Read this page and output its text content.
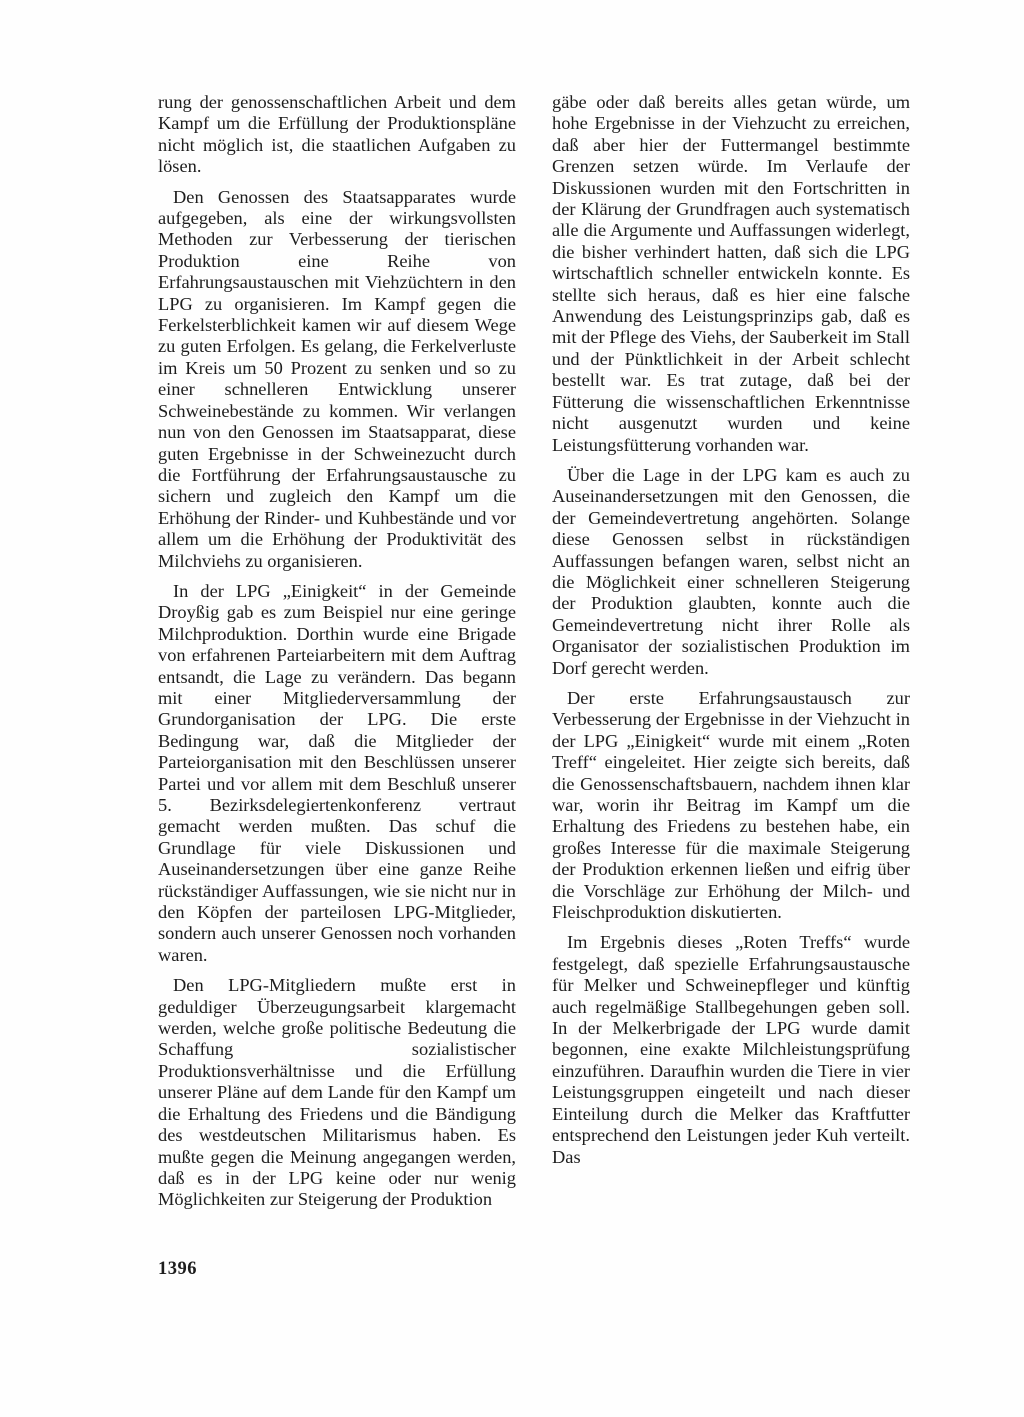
rung der genossenschaftlichen Arbeit und dem Kampf um die Erfüllung der Produktionspläne nicht möglich ist, die staatlichen Aufgaben zu lösen.

Den Genossen des Staatsapparates wurde aufgegeben, als eine der wirkungsvollsten Methoden zur Verbesserung der tierischen Produktion eine Reihe von Erfahrungsaustauschen mit Viehzüchtern in den LPG zu organisieren. Im Kampf gegen die Ferkelsterblichkeit kamen wir auf diesem Wege zu guten Erfolgen. Es gelang, die Ferkelverluste im Kreis um 50 Prozent zu senken und so zu einer schnelleren Entwicklung unserer Schweinebestände zu kommen. Wir verlangen nun von den Genossen im Staatsapparat, diese guten Ergebnisse in der Schweinezucht durch die Fortführung der Erfahrungsaustausche zu sichern und zugleich den Kampf um die Erhöhung der Rinder- und Kuhbestände und vor allem um die Erhöhung der Produktivität des Milchviehs zu organisieren.

In der LPG „Einigkeit“ in der Gemeinde Droyßig gab es zum Beispiel nur eine geringe Milchproduktion. Dorthin wurde eine Brigade von erfahrenen Parteiarbeitern mit dem Auftrag entsandt, die Lage zu verändern. Das begann mit einer Mitgliederversammlung der Grundorganisation der LPG. Die erste Bedingung war, daß die Mitglieder der Parteiorganisation mit den Beschlüssen unserer Partei und vor allem mit dem Beschluß unserer 5. Bezirksdelegiertenkonferenz vertraut gemacht werden mußten. Das schuf die Grundlage für viele Diskussionen und Auseinandersetzungen über eine ganze Reihe rückständiger Auffassungen, wie sie nicht nur in den Köpfen der parteilosen LPG-Mitglieder, sondern auch unserer Genossen noch vorhanden waren.

Den LPG-Mitgliedern mußte erst in geduldiger Überzeugungsarbeit klargemacht werden, welche große politische Bedeutung die Schaffung sozialistischer Produktionsverhältnisse und die Erfüllung unserer Pläne auf dem Lande für den Kampf um die Erhaltung des Friedens und die Bändigung des westdeutschen Militarismus haben. Es mußte gegen die Meinung angegangen werden, daß es in der LPG keine oder nur wenig Möglichkeiten zur Steigerung der Produktion

gäbe oder daß bereits alles getan würde, um hohe Ergebnisse in der Viehzucht zu erreichen, daß aber hier der Futtermangel bestimmte Grenzen setzen würde. Im Verlaufe der Diskussionen wurden mit den Fortschritten in der Klärung der Grundfragen auch systematisch alle die Argumente und Auffassungen widerlegt, die bisher verhindert hatten, daß sich die LPG wirtschaftlich schneller entwickeln konnte. Es stellte sich heraus, daß es hier eine falsche Anwendung des Leistungsprinzips gab, daß es mit der Pflege des Viehs, der Sauberkeit im Stall und der Pünktlichkeit in der Arbeit schlecht bestellt war. Es trat zutage, daß bei der Fütterung die wissenschaftlichen Erkenntnisse nicht ausgenutzt wurden und keine Leistungsfütterung vorhanden war.

Über die Lage in der LPG kam es auch zu Auseinandersetzungen mit den Genossen, die der Gemeindevertretung angehörten. Solange diese Genossen selbst in rückständigen Auffassungen befangen waren, selbst nicht an die Möglichkeit einer schnelleren Steigerung der Produktion glaubten, konnte auch die Gemeindevertretung nicht ihrer Rolle als Organisator der sozialistischen Produktion im Dorf gerecht werden.

Der erste Erfahrungsaustausch zur Verbesserung der Ergebnisse in der Viehzucht in der LPG „Einigkeit“ wurde mit einem „Roten Treff“ eingeleitet. Hier zeigte sich bereits, daß die Genossenschaftsbauern, nachdem ihnen klar war, worin ihr Beitrag im Kampf um die Erhaltung des Friedens zu bestehen habe, ein großes Interesse für die maximale Steigerung der Produktion erkennen ließen und eifrig über die Vorschläge zur Erhöhung der Milch- und Fleischproduktion diskutierten.

Im Ergebnis dieses „Roten Treffs“ wurde festgelegt, daß spezielle Erfahrungsaustausche für Melker und Schweinepfleger und künftig auch regelmäßige Stallbegehungen geben soll. In der Melkerbrigade der LPG wurde damit begonnen, eine exakte Milchleistungsprüfung einzuführen. Daraufhin wurden die Tiere in vier Leistungsgruppen eingeteilt und nach dieser Einteilung durch die Melker das Kraftfutter entsprechend den Leistungen jeder Kuh verteilt. Das

1396
